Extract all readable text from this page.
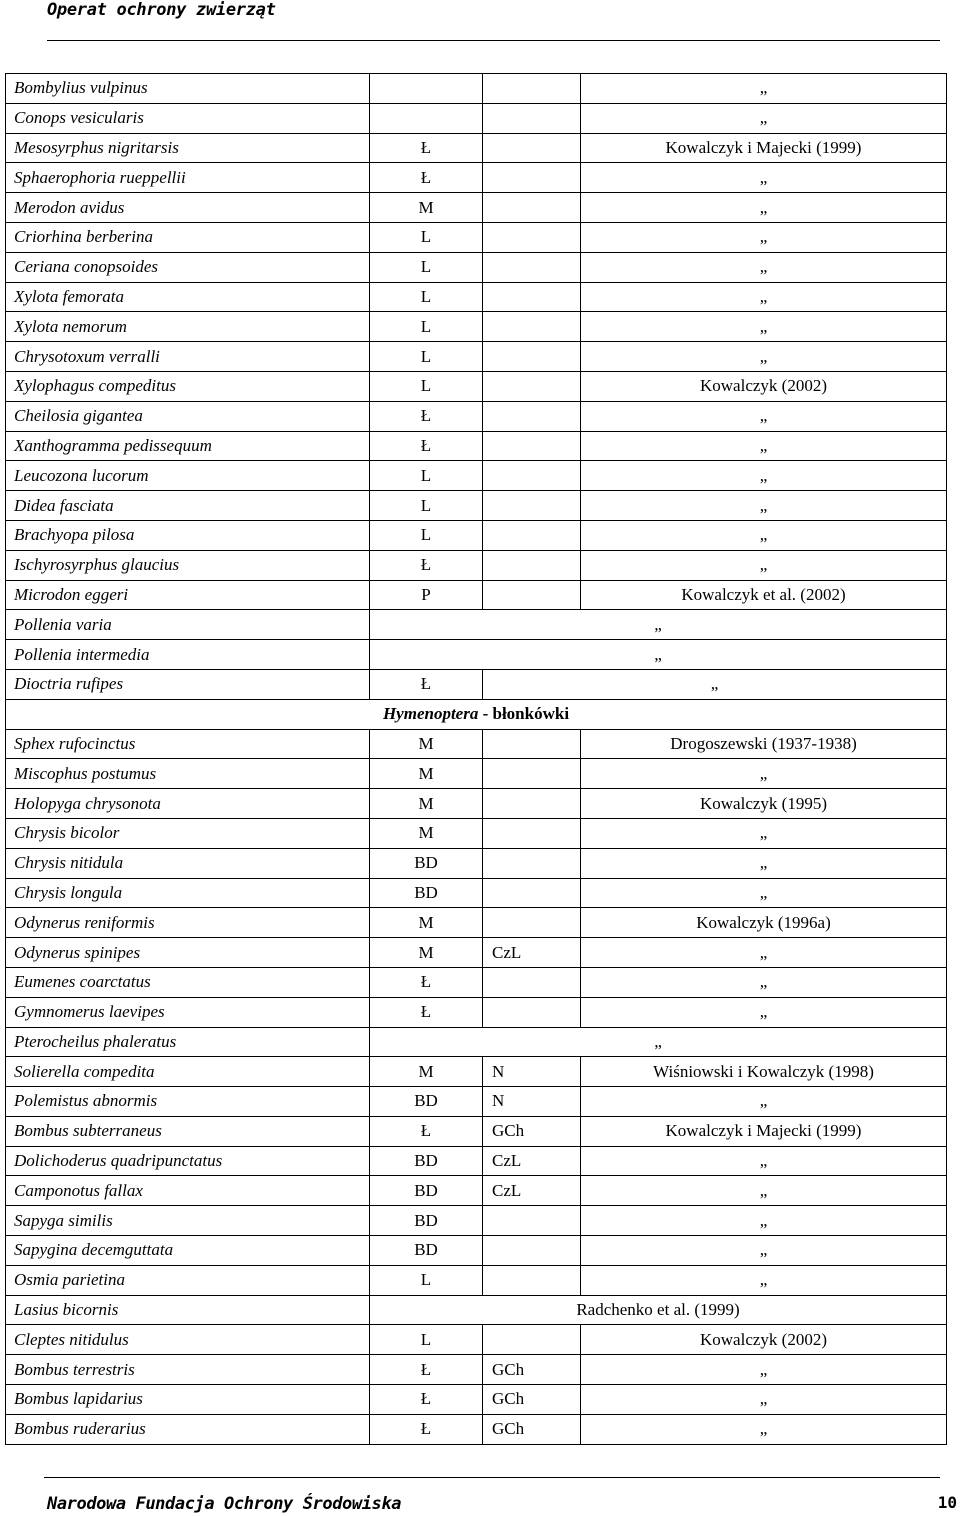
Operat ochrony zwierząt
Bombylius vulpinus			„
Conops vesicularis			„
Mesosyrphus nigritarsis	Ł		Kowalczyk i Majecki (1999)
Sphaerophoria rueppellii	Ł		„
Merodon avidus	M		„
Criorhina berberina	L		„
Ceriana conopsoides	L		„
Xylota femorata	L		„
Xylota nemorum	L		„
Chrysotoxum verralli	L		„
Xylophagus compeditus	L		Kowalczyk (2002)
Cheilosia gigantea	Ł		„
Xanthogramma pedissequum	Ł		„
Leucozona lucorum	L		„
Didea fasciata	L		„
Brachyopa pilosa	L		„
Ischyrosyrphus glaucius	Ł		„
Microdon eggeri	P		Kowalczyk et al. (2002)
Pollenia varia	„		
Pollenia intermedia	„		
Dioctria rufipes	Ł	„	
Hymenoptera - błonkówki			
Sphex rufocinctus	M		Drogoszewski (1937-1938)
Miscophus postumus	M		„
Holopyga chrysonota	M		Kowalczyk (1995)
Chrysis bicolor	M		„
Chrysis nitidula	BD		„
Chrysis longula	BD		„
Odynerus reniformis	M		Kowalczyk (1996a)
Odynerus spinipes	M	CzL	„
Eumenes coarctatus	Ł		„
Gymnomerus laevipes	Ł		„
Pterocheilus phaleratus	„		
Solierella compedita	M	N	Wiśniowski i Kowalczyk (1998)
Polemistus abnormis	BD	N	„
Bombus subterraneus	Ł	GCh	Kowalczyk i Majecki (1999)
Dolichoderus quadripunctatus	BD	CzL	„
Camponotus fallax	BD	CzL	„
Sapyga similis	BD		„
Sapygina decemguttata	BD		„
Osmia parietina	L		„
Lasius bicornis	Radchenko et al. (1999)		
Cleptes nitidulus	L		Kowalczyk (2002)
Bombus terrestris	Ł	GCh	„
Bombus lapidarius	Ł	GCh	„
Bombus ruderarius	Ł	GCh	„
Narodowa Fundacja Ochrony Środowiska	10
